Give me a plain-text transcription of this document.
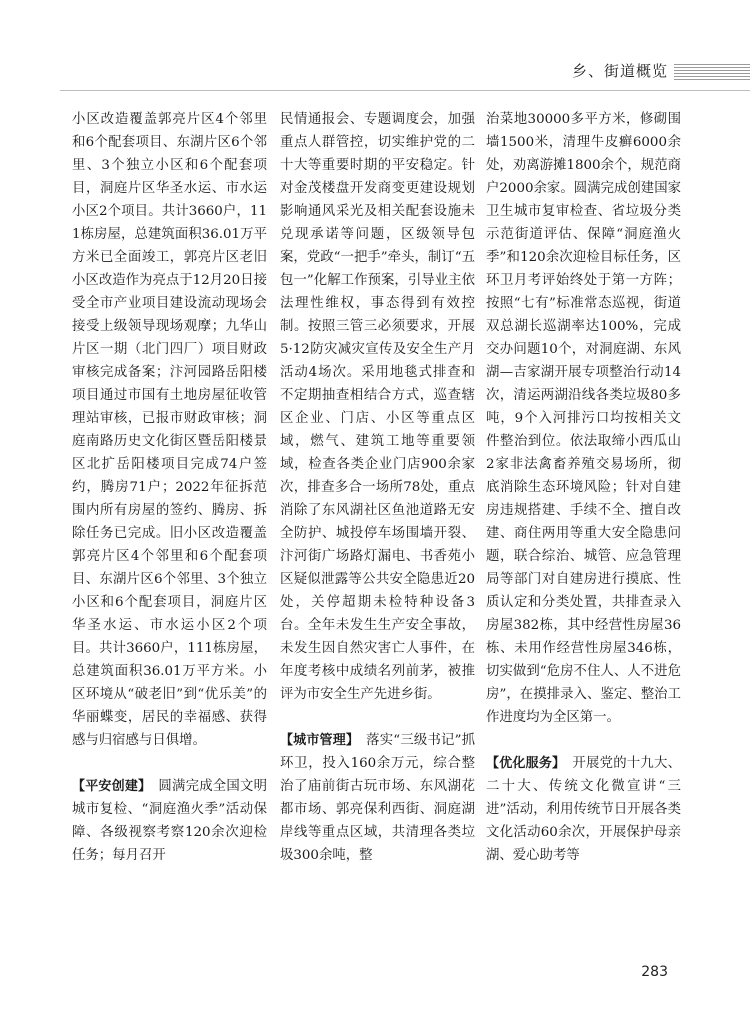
乡、街道概览

小区改造覆盖郭亮片区4个邻里和6个配套项目、东湖片区6个邻里、3个独立小区和6个配套项目，洞庭片区华圣水运、市水运小区2个项目。共计3660户，111栋房屋，总建筑面积36.01万平方米已全面竣工，郭亮片区老旧小区改造作为亮点于12月20日接受全市产业项目建设流动现场会接受上级领导现场观摩；九华山片区一期（北门四厂）项目财政审核完成备案；汴河园路岳阳楼项目通过市国有土地房屋征收管理站审核，已报市财政审核；洞庭南路历史文化街区暨岳阳楼景区北扩岳阳楼项目完成74户签约，腾房71户；2022年征拆范围内所有房屋的签约、腾房、拆除任务已完成。旧小区改造覆盖郭亮片区4个邻里和6个配套项目、东湖片区6个邻里、3个独立小区和6个配套项目，洞庭片区华圣水运、市水运小区2个项目。共计3660户，111栋房屋，总建筑面积36.01万平方米。小区环境从“破老旧”到“优乐美”的华丽蝶变，居民的幸福感、获得感与归宿感与日俱增。

【平安创建】　 圆满完成全国文明城市复检、“洞庭渔火季”活动保障、各级视察考察120余次迎检任务；每月召开

民情通报会、专题调度会，加强重点人群管控，切实维护党的二十大等重要时期的平安稳定。针对金茂楼盘开发商变更建设规划影响通风采光及相关配套设施未兑现承诺等问题，区级领导包案，党政“一把手”牵头，制订“五包一”化解工作预案，引导业主依法理性维权，事态得到有效控制。按照三管三必须要求，开展5·12防灾减灾宣传及安全生产月活动4场次。采用地毯式排查和不定期抽查相结合方式，巡查辖区企业、门店、小区等重点区域，燃气、建筑工地等重要领域，检查各类企业门店900余家次，排查多合一场所78处，重点消除了东风湖社区鱼池道路无安全防护、城投停车场围墙开裂、汴河街广场路灯漏电、书香苑小区疑似泄露等公共安全隐患近20处，关停超期未检特种设备3台。全年未发生生产安全事故，未发生因自然灾害亡人事件，在年度考核中成绩名列前茅，被推评为市安全生产先进乡街。

【城市管理】　 落实“三级书记”抓环卫，投入160余万元，综合整治了庙前街古玩市场、东风湖花都市场、郭亮保利西街、洞庭湖岸线等重点区域，共清理各类垃圾300余吨，整

治菜地30000多平方米，修砌围墙1500米，清理牛皮癣6000余处，劝离游摊1800余个，规范商户2000余家。圆满完成创建国家卫生城市复审检查、省垃圾分类示范街道评估、保障“洞庭渔火季”和120余次迎检目标任务，区环卫月考评始终处于第一方阵；按照“七有”标准常态巡视，街道双总湖长巡湖率达100%，完成交办问题10个，对洞庭湖、东风湖—吉家湖开展专项整治行动14次，清运两湖沿线各类垃圾80多吨，9个入河排污口均按相关文件整治到位。依法取缔小西瓜山2家非法禽畜养殖交易场所，彻底消除生态环境风险；针对自建房违规搭建、手续不全、擅自改建、商住两用等重大安全隐患问题，联合综治、城管、应急管理局等部门对自建房进行摸底、性质认定和分类处置，共排查录入房屋382栋，其中经营性房屋36栋、未用作经营性房屋346栋，切实做到“危房不住人、人不进危房”，在摸排录入、鉴定、整治工作进度均为全区第一。

【优化服务】　 开展党的十九大、二十大、传统文化微宣讲“三进”活动，利用传统节日开展各类文化活动60余次，开展保护母亲湖、爱心助考等

283
